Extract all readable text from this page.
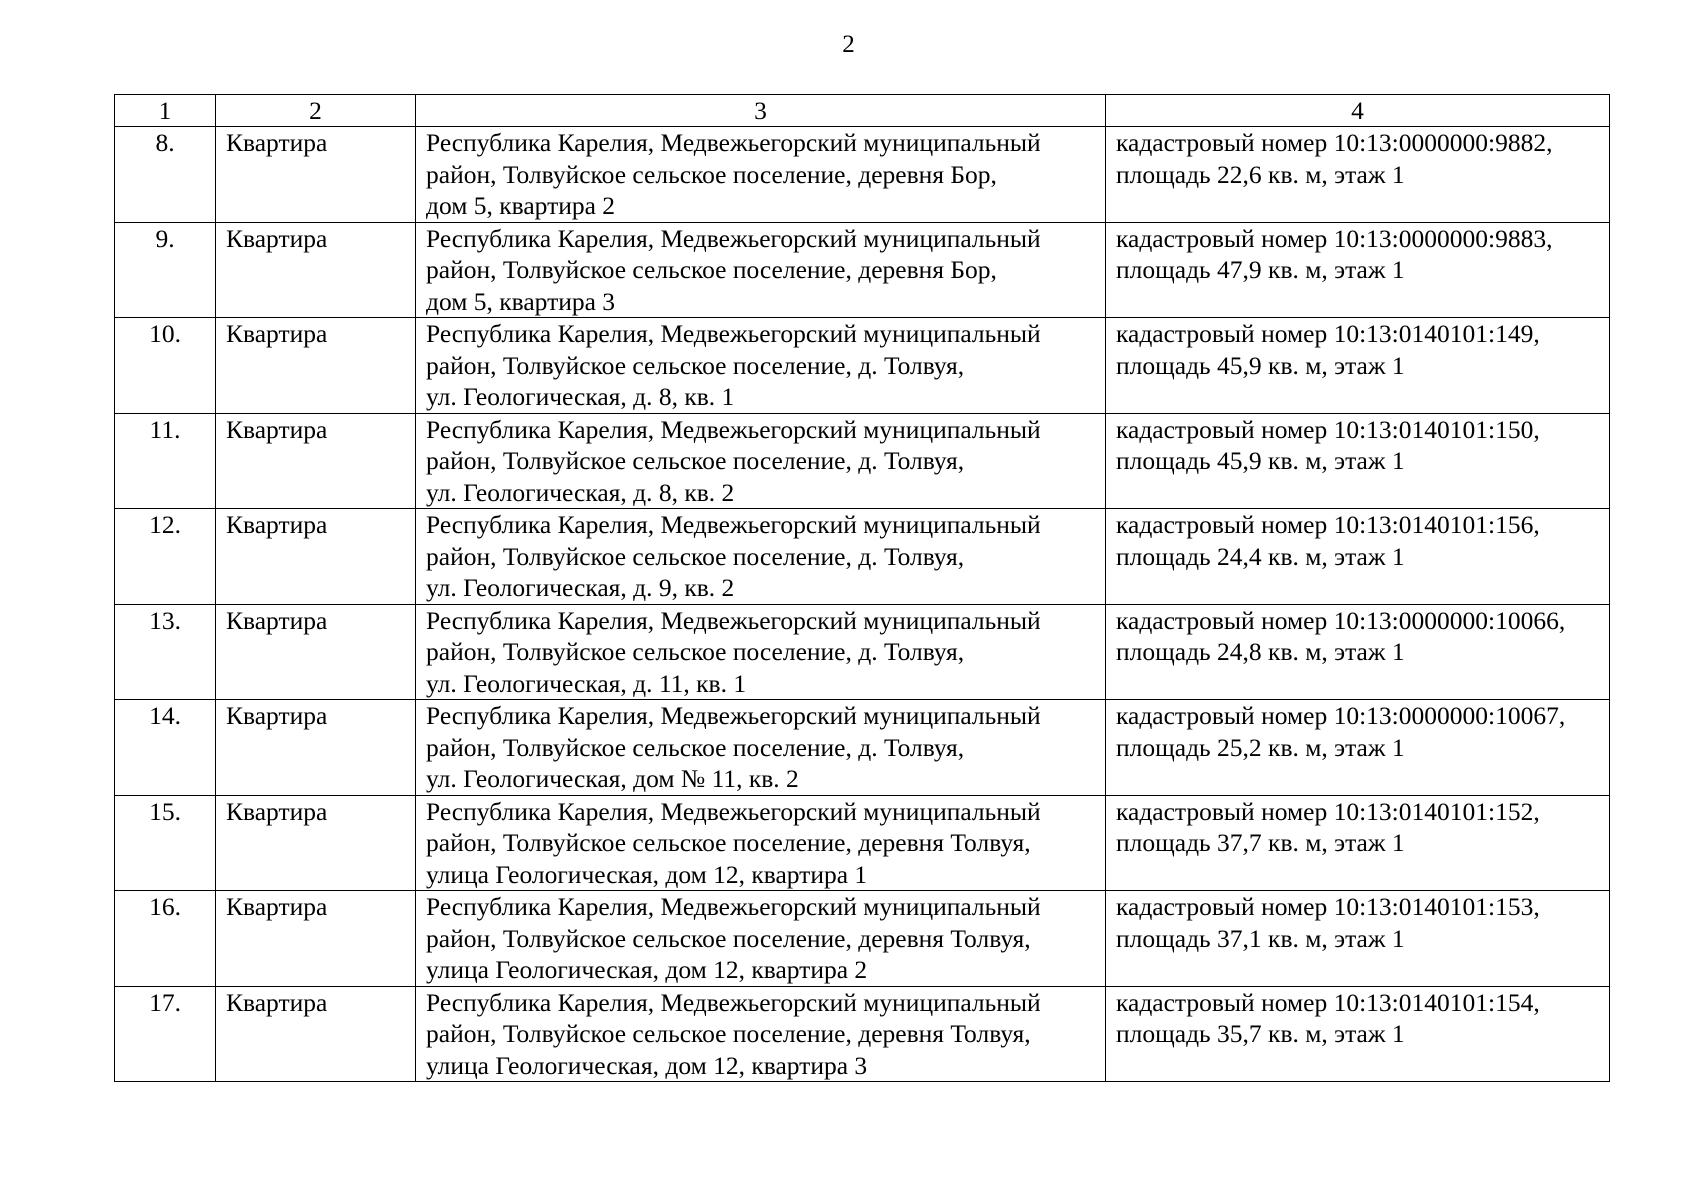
2
1	2	3	4
8.	Квартира	Республика Карелия, Медвежьегорский муниципальный
район, Толвуйское сельское поселение, деревня Бор,
дом 5, квартира 2	кадастровый номер 10:13:0000000:9882,
площадь 22,6 кв. м, этаж 1

9.	Квартира	Республика Карелия, Медвежьегорский муниципальный
район, Толвуйское сельское поселение, деревня Бор,
дом 5, квартира 3	кадастровый номер 10:13:0000000:9883,
площадь 47,9 кв. м, этаж 1

10.	Квартира	Республика Карелия, Медвежьегорский муниципальный
район, Толвуйское сельское поселение, д. Толвуя,
ул. Геологическая, д. 8, кв. 1	кадастровый номер 10:13:0140101:149,
площадь 45,9 кв. м, этаж 1

11.	Квартира	Республика Карелия, Медвежьегорский муниципальный
район, Толвуйское сельское поселение, д. Толвуя,
ул. Геологическая, д. 8, кв. 2	кадастровый номер 10:13:0140101:150,
площадь 45,9 кв. м, этаж 1

12.	Квартира	Республика Карелия, Медвежьегорский муниципальный
район, Толвуйское сельское поселение, д. Толвуя,
ул. Геологическая, д. 9, кв. 2	кадастровый номер 10:13:0140101:156,
площадь 24,4 кв. м, этаж 1

13.	Квартира	Республика Карелия, Медвежьегорский муниципальный
район, Толвуйское сельское поселение, д. Толвуя,
ул. Геологическая, д. 11, кв. 1	кадастровый номер 10:13:0000000:10066,
площадь 24,8 кв. м, этаж 1

14.	Квартира	Республика Карелия, Медвежьегорский муниципальный
район, Толвуйское сельское поселение, д. Толвуя,
ул. Геологическая, дом № 11, кв. 2	кадастровый номер 10:13:0000000:10067,
площадь 25,2 кв. м, этаж 1

15.	Квартира	Республика Карелия, Медвежьегорский муниципальный
район, Толвуйское сельское поселение, деревня Толвуя,
улица Геологическая, дом 12, квартира 1	кадастровый номер 10:13:0140101:152,
площадь 37,7 кв. м, этаж 1

16.	Квартира	Республика Карелия, Медвежьегорский муниципальный
район, Толвуйское сельское поселение, деревня Толвуя,
улица Геологическая, дом 12, квартира 2	кадастровый номер 10:13:0140101:153,
площадь 37,1 кв. м, этаж 1

17.	Квартира	Республика Карелия, Медвежьегорский муниципальный
район, Толвуйское сельское поселение, деревня Толвуя,
улица Геологическая, дом 12, квартира 3	кадастровый номер 10:13:0140101:154,
площадь 35,7 кв. м, этаж 1
